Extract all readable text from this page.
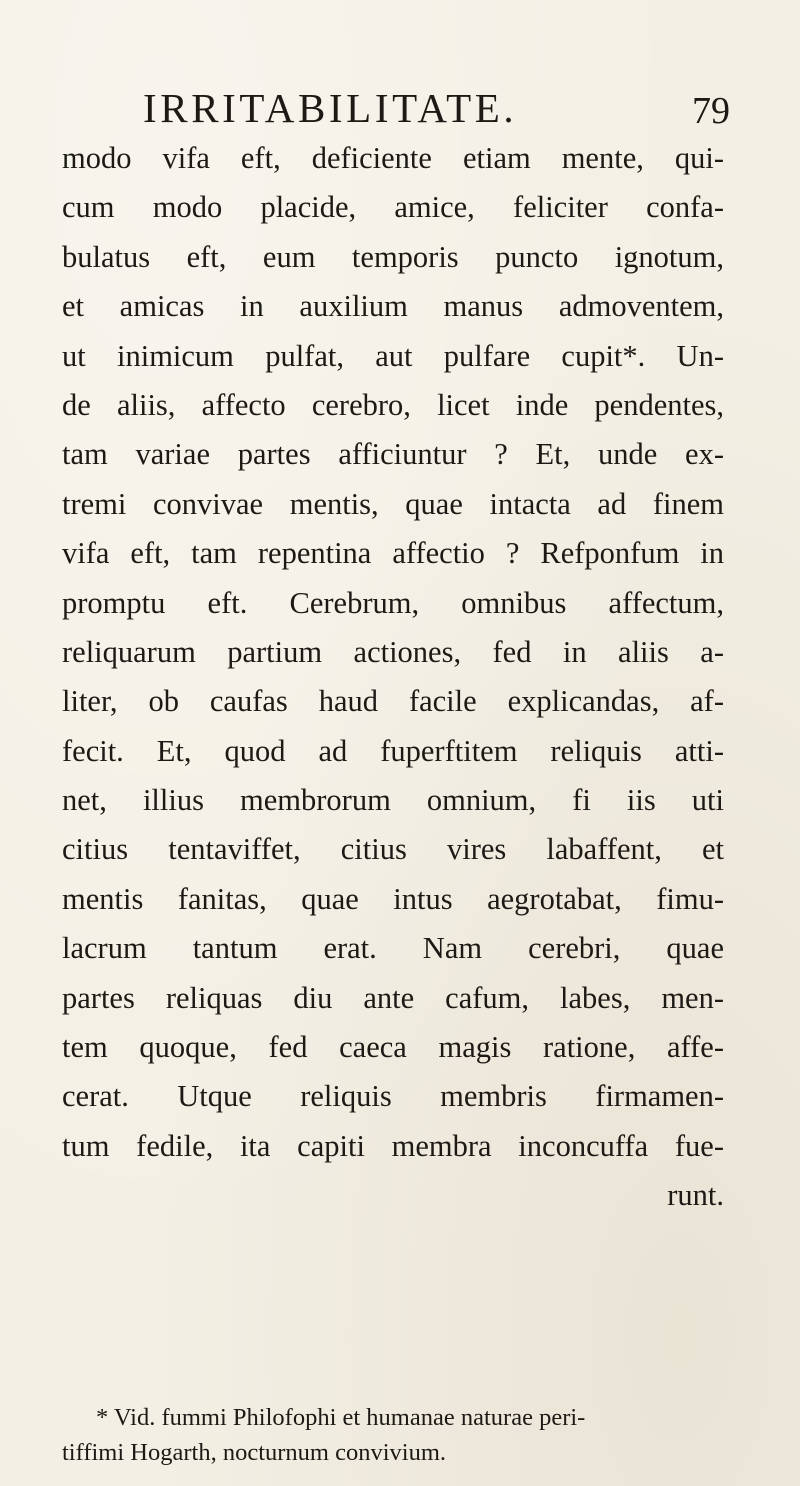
IRRITABILITATE.	79
modo vifa eft, deficiente etiam mente, qui-
cum modo placide, amice, feliciter confa-
bulatus eft, eum temporis puncto ignotum,
et amicas in auxilium manus admoventem,
ut inimicum pulfat, aut pulfare cupit*. Un-
de aliis, affecto cerebro, licet inde pendentes,
tam variae partes afficiuntur ? Et, unde ex-
tremi convivae mentis, quae intacta ad finem
vifa eft, tam repentina affectio ? Refponfum in
promptu eft. Cerebrum, omnibus affectum,
reliquarum partium actiones, fed in aliis a-
liter, ob caufas haud facile explicandas, af-
fecit. Et, quod ad fuperftitem reliquis atti-
net, illius membrorum omnium, fi iis uti
citius tentaviffet, citius vires labaffent, et
mentis fanitas, quae intus aegrotabat, fimu-
lacrum tantum erat. Nam cerebri, quae
partes reliquas diu ante cafum, labes, men-
tem quoque, fed caeca magis ratione, affe-
cerat. Utque reliquis membris firmamen-
tum fedile, ita capiti membra inconcuffa fue-
runt.
* Vid. fummi Philofophi et humanae naturae peri-
tiffimi Hogarth, nocturnum convivium.
